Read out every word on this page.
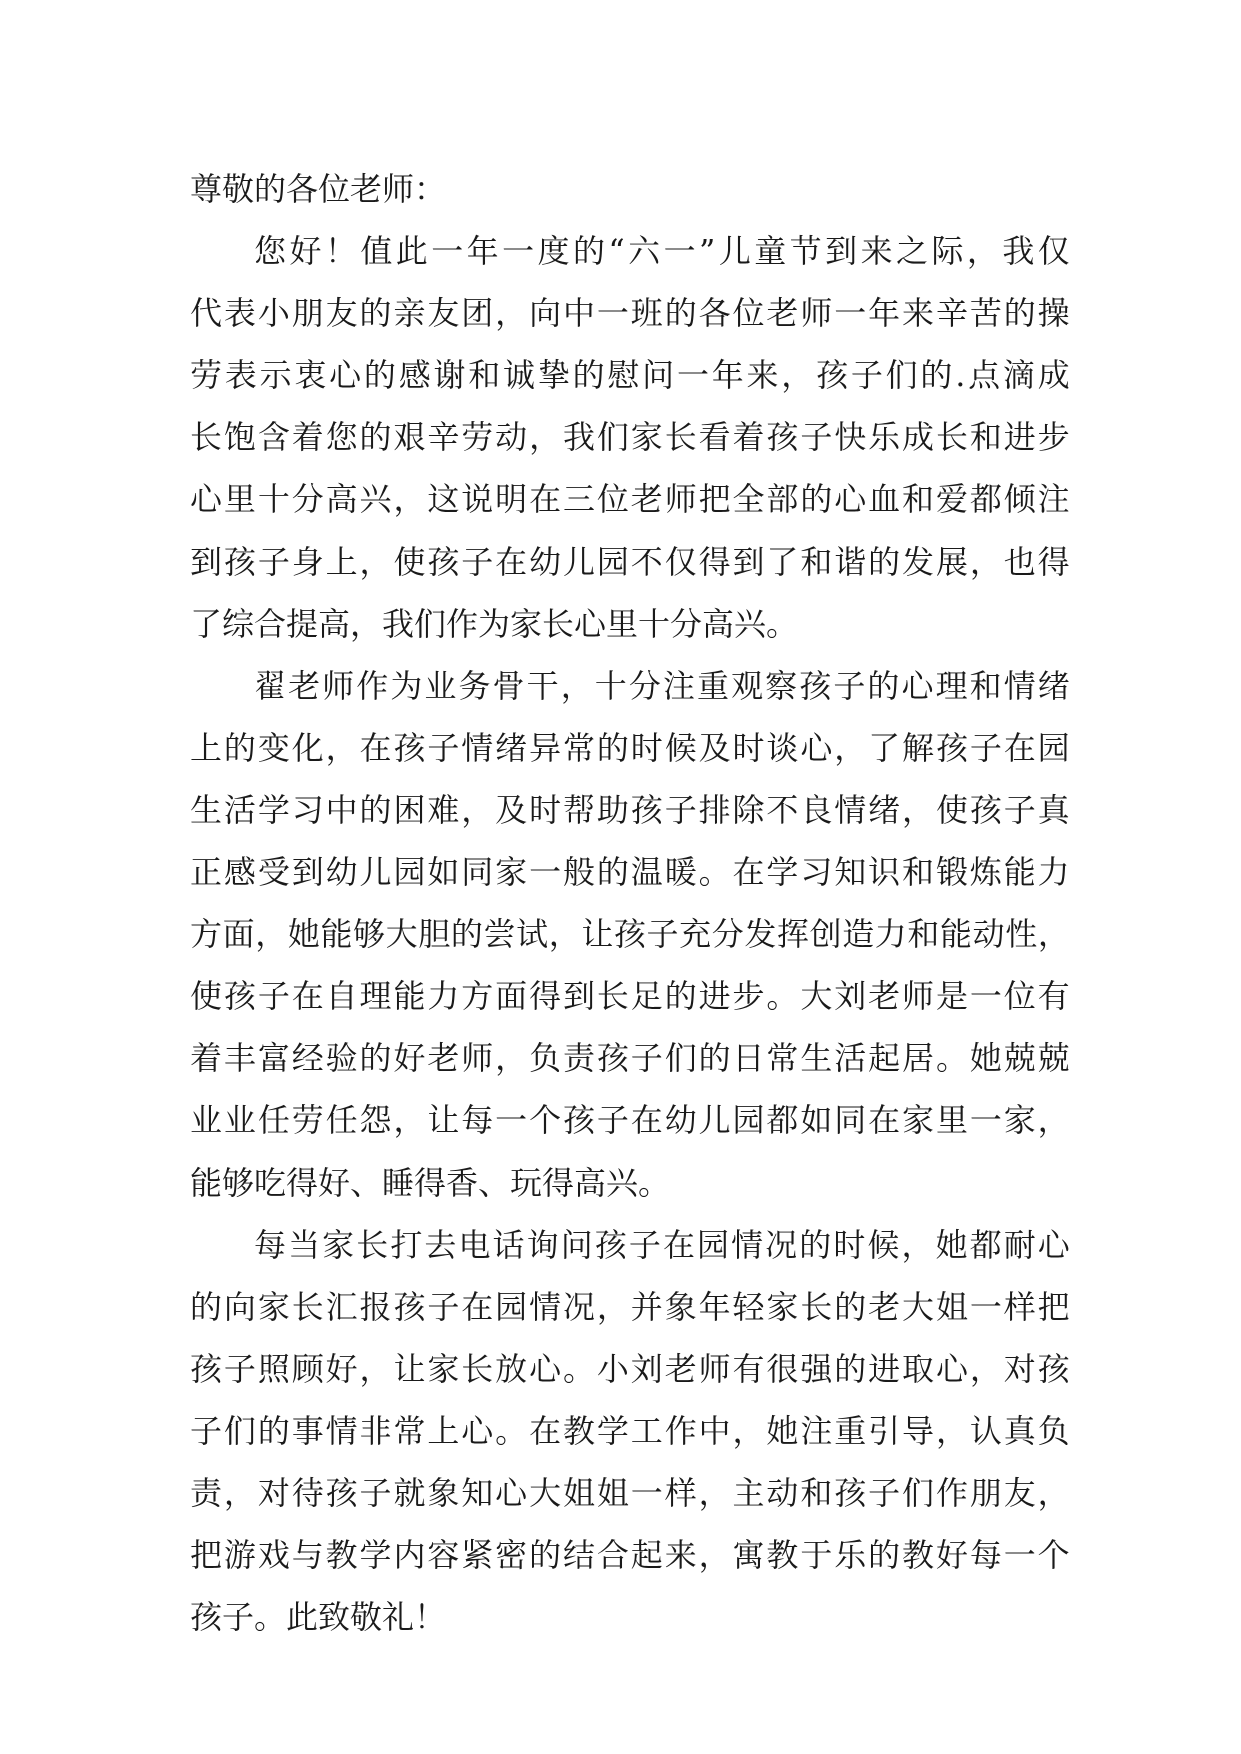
尊敬的各位老师：
您 好 ！ 值 此 一 年 一 度 的 “ 六 一 ” 儿 童 节 到 来 之 际 ， 我 仅
代 表 小 朋 友 的 亲 友 团 ， 向 中 一 班 的 各 位 老 师 一 年 来 辛 苦 的 操
劳 表 示 衷 心 的 感 谢 和 诚 挚 的 慰 问 一 年 来 ， 孩 子 们 的 . 点 滴 成
长 饱 含 着 您 的 艰 辛 劳 动 ， 我 们 家 长 看 着 孩 子 快 乐 成 长 和 进 步
心 里 十 分 高 兴 ， 这 说 明 在 三 位 老 师 把 全 部 的 心 血 和 爱 都 倾 注
到 孩 子 身 上 ， 使 孩 子 在 幼 儿 园 不 仅 得 到 了 和 谐 的 发 展 ， 也 得
了综合提高，我们作为家长心里十分高兴。
翟 老 师 作 为 业 务 骨 干 ， 十 分 注 重 观 察 孩 子 的 心 理 和 情 绪
上 的 变 化 ， 在 孩 子 情 绪 异 常 的 时 候 及 时 谈 心 ， 了 解 孩 子 在 园
生 活 学 习 中 的 困 难 ， 及 时 帮 助 孩 子 排 除 不 良 情 绪 ， 使 孩 子 真
正 感 受 到 幼 儿 园 如 同 家 一 般 的 温 暖 。 在 学 习 知 识 和 锻 炼 能 力
方 面 ， 她 能 够 大 胆 的 尝 试 ， 让 孩 子 充 分 发 挥 创 造 力 和 能 动 性 ，
使 孩 子 在 自 理 能 力 方 面 得 到 长 足 的 进 步 。 大 刘 老 师 是 一 位 有
着 丰 富 经 验 的 好 老 师 ， 负 责 孩 子 们 的 日 常 生 活 起 居 。 她 兢 兢
业 业 任 劳 任 怨 ， 让 每 一 个 孩 子 在 幼 儿 园 都 如 同 在 家 里 一 家 ，
能够吃得好、睡得香、玩得高兴。
每 当 家 长 打 去 电 话 询 问 孩 子 在 园 情 况 的 时 候 ， 她 都 耐 心
的 向 家 长 汇 报 孩 子 在 园 情 况 ， 并 象 年 轻 家 长 的 老 大 姐 一 样 把
孩 子 照 顾 好 ， 让 家 长 放 心 。 小 刘 老 师 有 很 强 的 进 取 心 ， 对 孩
子 们 的 事 情 非 常 上 心 。 在 教 学 工 作 中 ， 她 注 重 引 导 ， 认 真 负
责 ， 对 待 孩 子 就 象 知 心 大 姐 姐 一 样 ， 主 动 和 孩 子 们 作 朋 友 ，
把 游 戏 与 教 学 内 容 紧 密 的 结 合 起 来 ， 寓 教 于 乐 的 教 好 每 一 个
孩子。此致敬礼！
